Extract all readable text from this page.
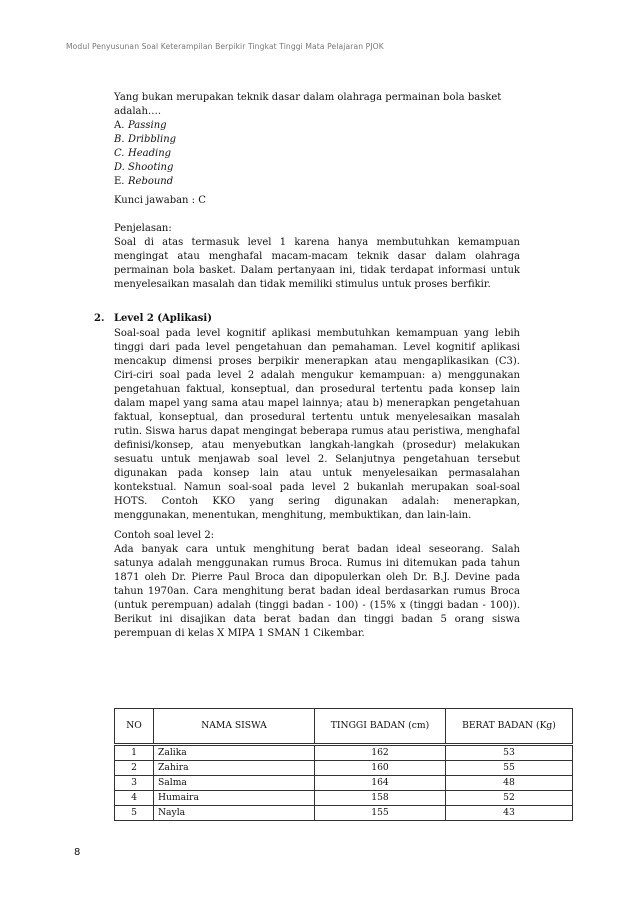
Modul Penyusunan Soal Keterampilan Berpikir Tingkat Tinggi Mata Pelajaran PJOK
Yang bukan merupakan teknik dasar dalam olahraga permainan bola basket
adalah….
A. Passing
B. Dribbling
C. Heading
D. Shooting
E. Rebound
Kunci jawaban : C
Penjelasan:
Soal di atas termasuk level 1 karena hanya membutuhkan kemampuan mengingat atau menghafal macam-macam teknik dasar dalam olahraga permainan bola basket. Dalam pertanyaan ini, tidak terdapat informasi untuk menyelesaikan masalah dan tidak memiliki stimulus untuk proses berfikir.
2. Level 2 (Aplikasi)
Soal-soal pada level kognitif aplikasi membutuhkan kemampuan yang lebih tinggi dari pada level pengetahuan dan pemahaman. Level kognitif aplikasi mencakup dimensi proses berpikir menerapkan atau mengaplikasikan (C3). Ciri-ciri soal pada level 2 adalah mengukur kemampuan: a) menggunakan pengetahuan faktual, konseptual, dan prosedural tertentu pada konsep lain dalam mapel yang sama atau mapel lainnya; atau b) menerapkan pengetahuan faktual, konseptual, dan prosedural tertentu untuk menyelesaikan masalah rutin. Siswa harus dapat mengingat beberapa rumus atau peristiwa, menghafal definisi/konsep, atau menyebutkan langkah-langkah (prosedur) melakukan sesuatu untuk menjawab soal level 2. Selanjutnya pengetahuan tersebut digunakan pada konsep lain atau untuk menyelesaikan permasalahan kontekstual. Namun soal-soal pada level 2 bukanlah merupakan soal-soal HOTS. Contoh KKO yang sering digunakan adalah: menerapkan, menggunakan, menentukan, menghitung, membuktikan, dan lain-lain.
Contoh soal level 2:
Ada banyak cara untuk menghitung berat badan ideal seseorang. Salah satunya adalah menggunakan rumus Broca. Rumus ini ditemukan pada tahun 1871 oleh Dr. Pierre Paul Broca dan dipopulerkan oleh Dr. B.J. Devine pada tahun 1970an. Cara menghitung berat badan ideal berdasarkan rumus Broca (untuk perempuan) adalah (tinggi badan - 100) - (15% x (tinggi badan - 100)). Berikut ini disajikan data berat badan dan tinggi badan 5 orang siswa perempuan di kelas X MIPA 1 SMAN 1 Cikembar.
NO	NAMA SISWA	TINGGI BADAN (cm)	BERAT BADAN (Kg)
1	Zalika	162	53
2	Zahira	160	55
3	Salma	164	48
4	Humaira	158	52
5	Nayla	155	43
8
